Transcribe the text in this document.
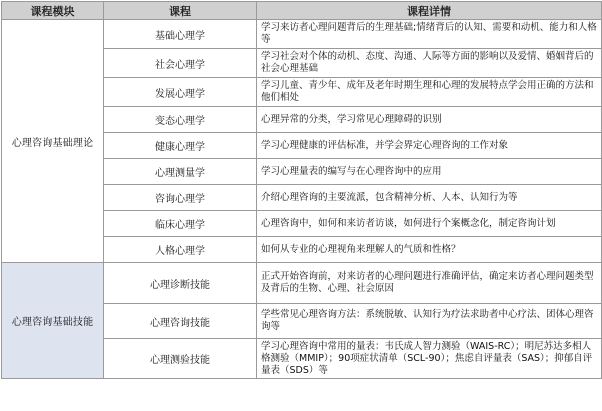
课程模块	课程	课程详情
心理咨询基础理论	基础心理学	学习来访者心理问题背后的生理基础;情绪背后的认知、需要和动机、能力和人格等
	社会心理学	学习社会对个体的动机、态度、沟通、人际等方面的影响以及爱情、婚姻背后的社会心理基础
	发展心理学	学习儿童、青少年、成年及老年时期生理和心理的发展特点学会用正确的方法和他们相处
	变态心理学	心理异常的分类，学习常见心理障碍的识别
	健康心理学	学习心理健康的评估标准，并学会界定心理咨询的工作对象
	心理测量学	学习心理量表的编写与在心理咨询中的应用
	咨询心理学	介绍心理咨询的主要流派，包含精神分析、人本、认知行为等
	临床心理学	心理咨询中，如何和来访者访谈，如何进行个案概念化，制定咨询计划
	人格心理学	如何从专业的心理视角来理解人的气质和性格？
心理咨询基础技能	心理诊断技能	正式开始咨询前，对来访者的心理问题进行准确评估，确定来访者心理问题类型及背后的生物、心理、社会原因
	心理咨询技能	学些常见心理咨询方法：系统脱敏、认知行为疗法求助者中心疗法、团体心理咨询等
	心理测验技能	学习心理咨询中常用的量表：韦氏成人智力测验（WAIS-RC）；明尼苏达多相人格测验（MMIP）；90项症状清单（SCL-90）；焦虑自评量表（SAS）；抑郁自评量表（SDS）等
